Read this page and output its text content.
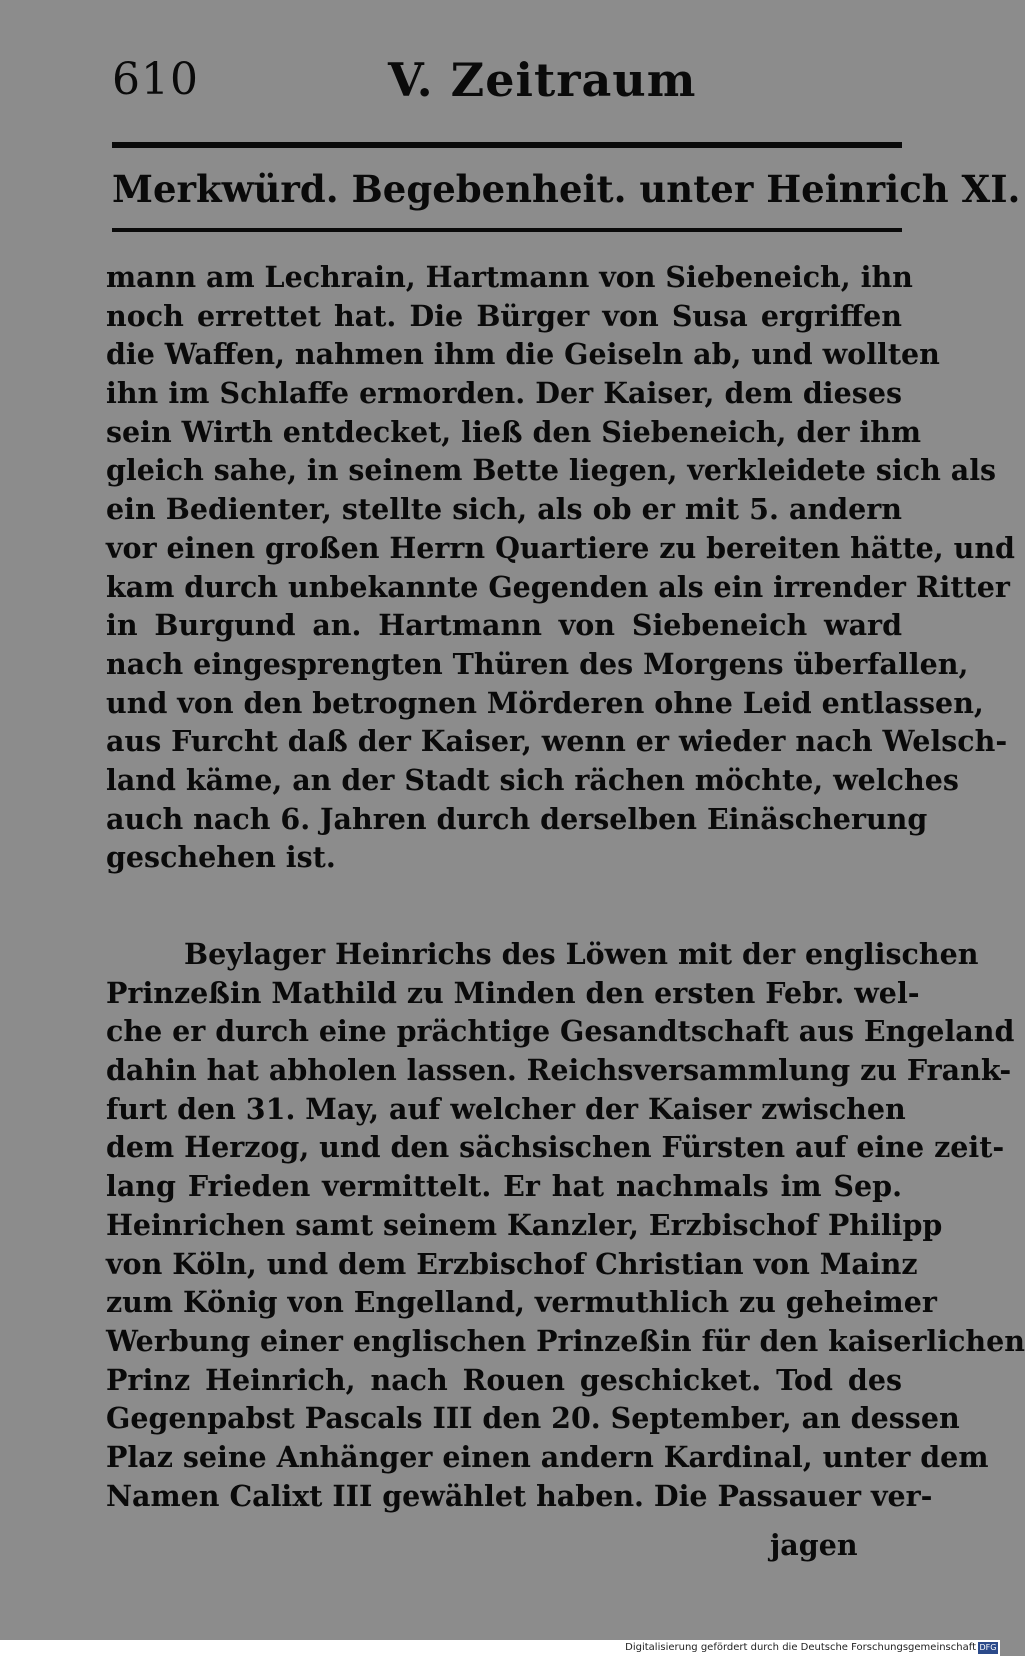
610	V. Zeitraum
Merkwürd. Begebenheit. unter Heinrich XI.
mann am Lechrain, Hartmann von Siebeneich, ihn
noch errettet hat. Die Bürger von Susa ergriffen
die Waffen, nahmen ihm die Geiseln ab, und wollten
ihn im Schlaffe ermorden. Der Kaiser, dem dieses
sein Wirth entdecket, ließ den Siebeneich, der ihm
gleich sahe, in seinem Bette liegen, verkleidete sich als
ein Bedienter, stellte sich, als ob er mit 5. andern
vor einen großen Herrn Quartiere zu bereiten hätte, und
kam durch unbekannte Gegenden als ein irrender Ritter
in Burgund an. Hartmann von Siebeneich ward
nach eingesprengten Thüren des Morgens überfallen,
und von den betrognen Mörderen ohne Leid entlassen,
aus Furcht daß der Kaiser, wenn er wieder nach Welsch-
land käme, an der Stadt sich rächen möchte, welches
auch nach 6. Jahren durch derselben Einäscherung
geschehen ist.
Beylager Heinrichs des Löwen mit der englischen
Prinzeßin Mathild zu Minden den ersten Febr. wel-
che er durch eine prächtige Gesandtschaft aus Engeland
dahin hat abholen lassen. Reichsversammlung zu Frank-
furt den 31. May, auf welcher der Kaiser zwischen
dem Herzog, und den sächsischen Fürsten auf eine zeit-
lang Frieden vermittelt. Er hat nachmals im Sep.
Heinrichen samt seinem Kanzler, Erzbischof Philipp
von Köln, und dem Erzbischof Christian von Mainz
zum König von Engelland, vermuthlich zu geheimer
Werbung einer englischen Prinzeßin für den kaiserlichen
Prinz Heinrich, nach Rouen geschicket. Tod des
Gegenpabst Pascals III den 20. September, an dessen
Plaz seine Anhänger einen andern Kardinal, unter dem
Namen Calixt III gewählet haben. Die Passauer ver-
jagen
Digitalisierung gefördert durch die Deutsche Forschungsgemeinschaft DFG
